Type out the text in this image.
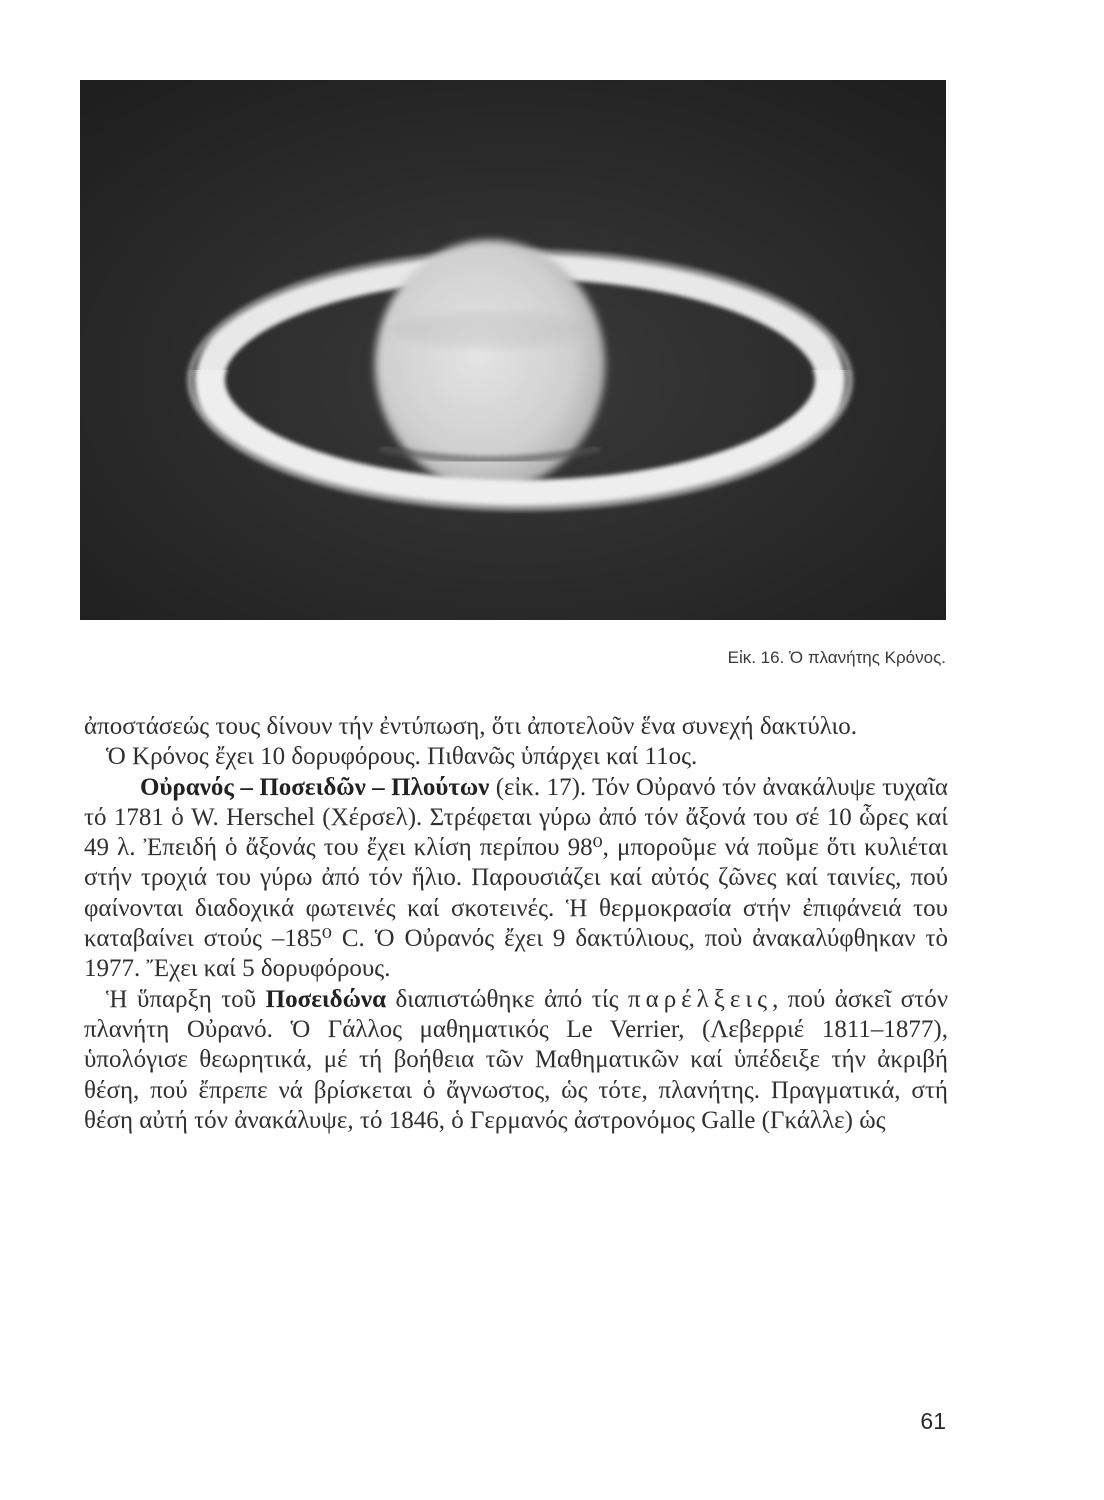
Εἰκ. 16. Ὁ πλανήτης Κρόνος.

ἀποστάσεώς τους δίνουν τήν ἐντύπωση, ὅτι ἀποτελοῦν ἕνα συνεχή δακτύλιο.

Ὁ Κρόνος ἔχει 10 δορυφόρους. Πιθανῶς ὑπάρχει καί 11ος.

Οὐρανός – Ποσειδῶν – Πλούτων (εἰκ. 17). Τόν Οὐρανό τόν ἀνακάλυψε τυχαῖα τό 1781 ὁ W. Herschel (Χέρσελ). Στρέφεται γύρω ἀπό τόν ἄξονά του σέ 10 ὧρες καί 49 λ. Ἐπειδή ὁ ἄξονάς του ἔχει κλίση περίπου 98⁰, μποροῦμε νά ποῦμε ὅτι κυλιέται στήν τροχιά του γύρω ἀπό τόν ἥλιο. Παρουσιάζει καί αὐτός ζῶνες καί ταινίες, πού φαίνονται διαδοχικά φωτεινές καί σκοτεινές. Ἡ θερμοκρασία στήν ἐπιφάνειά του καταβαίνει στούς –185⁰ C. Ὁ Οὐρανός ἔχει 9 δακτύλιους, ποὺ ἀνακαλύφθηκαν τὸ 1977. Ἔχει καί 5 δορυφόρους.

Ἡ ὕπαρξη τοῦ Ποσειδώνα διαπιστώθηκε ἀπό τίς παρέλξεις, πού ἀσκεῖ στόν πλανήτη Οὐρανό. Ὁ Γάλλος μαθηματικός Le Verrier, (Λεβερριέ 1811–1877), ὑπολόγισε θεωρητικά, μέ τή βοήθεια τῶν Μαθηματικῶν καί ὑπέδειξε τήν ἀκριβή θέση, πού ἔπρεπε νά βρίσκεται ὁ ἄγνωστος, ὡς τότε, πλανήτης. Πραγματικά, στή θέση αὐτή τόν ἀνακάλυψε, τό 1846, ὁ Γερμανός ἀστρονόμος Galle (Γκάλλε) ὡς

61
